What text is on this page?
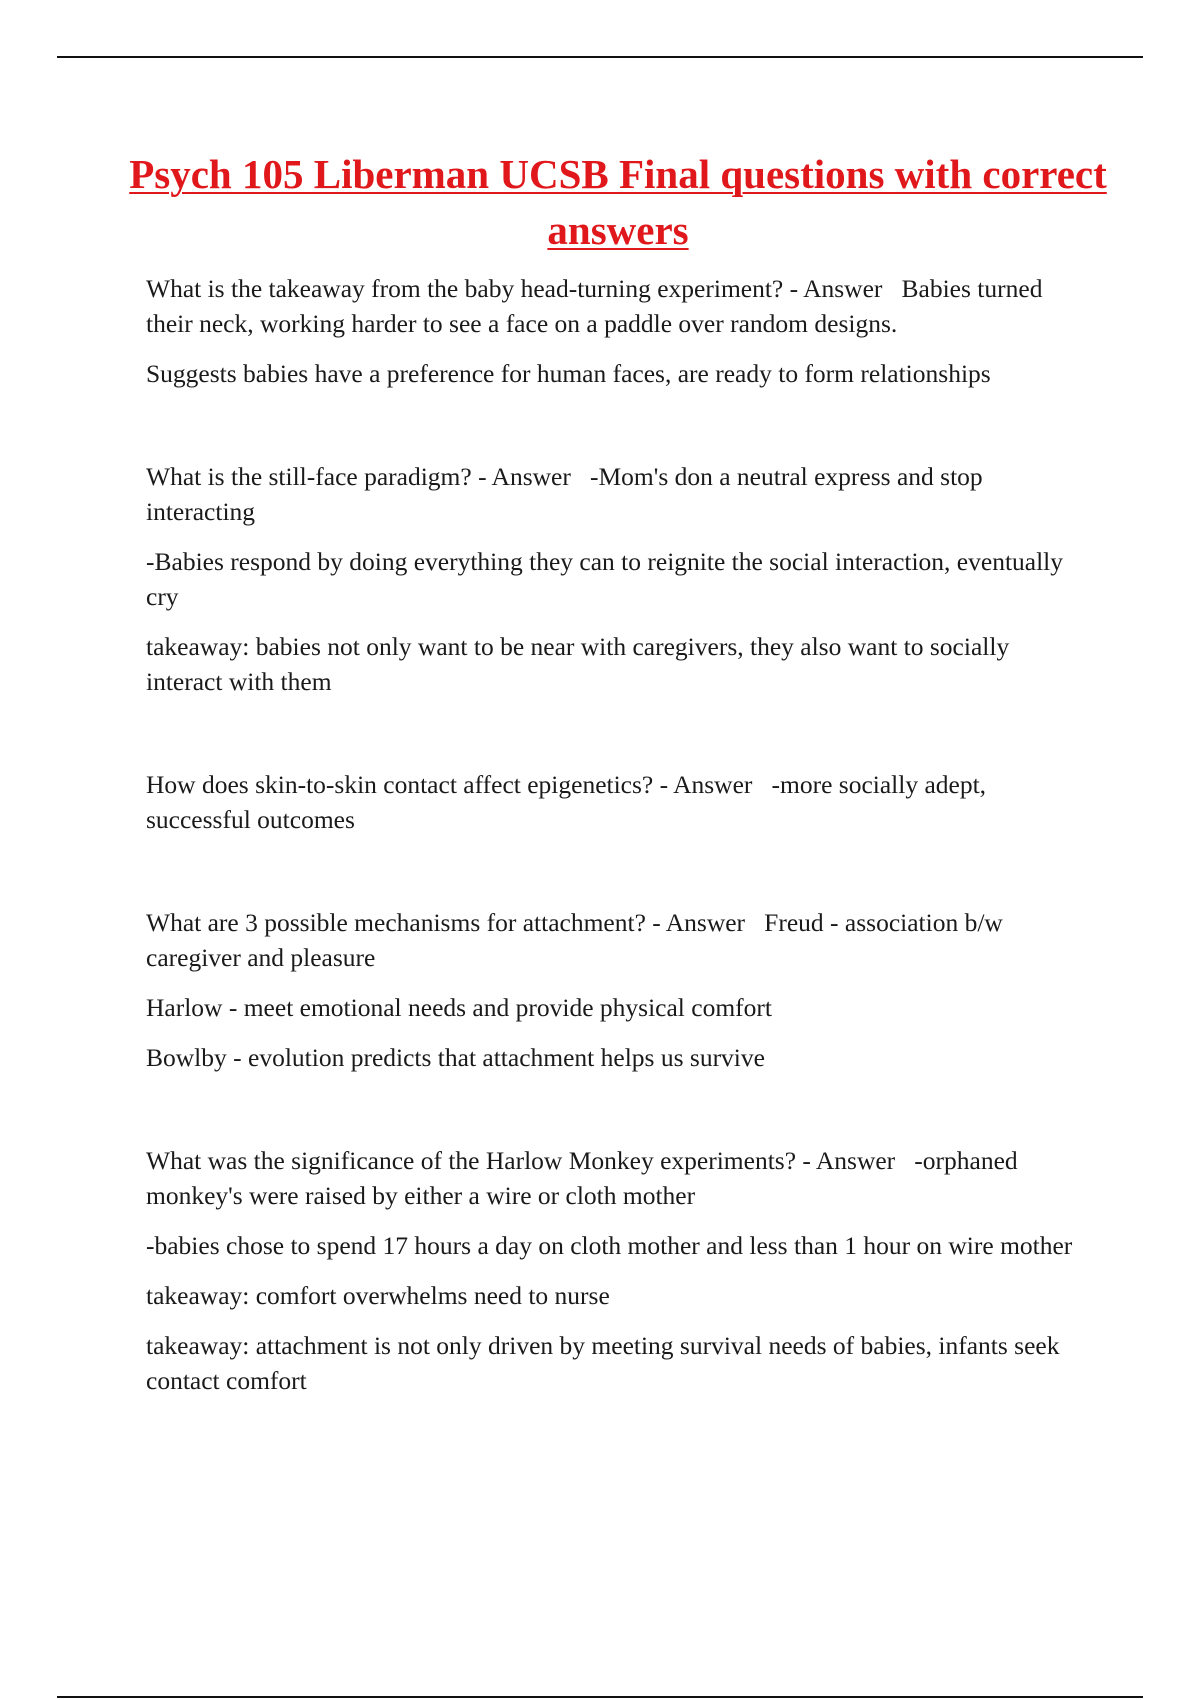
Psych 105 Liberman UCSB Final questions with correct answers

What is the takeaway from the baby head-turning experiment? - Answer   Babies turned their neck, working harder to see a face on a paddle over random designs.

Suggests babies have a preference for human faces, are ready to form relationships

What is the still-face paradigm? - Answer   -Mom's don a neutral express and stop interacting

-Babies respond by doing everything they can to reignite the social interaction, eventually cry

takeaway: babies not only want to be near with caregivers, they also want to socially interact with them

How does skin-to-skin contact affect epigenetics? - Answer   -more socially adept, successful outcomes

What are 3 possible mechanisms for attachment? - Answer   Freud - association b/w caregiver and pleasure

Harlow - meet emotional needs and provide physical comfort

Bowlby - evolution predicts that attachment helps us survive

What was the significance of the Harlow Monkey experiments? - Answer   -orphaned monkey's were raised by either a wire or cloth mother

-babies chose to spend 17 hours a day on cloth mother and less than 1 hour on wire mother

takeaway: comfort overwhelms need to nurse

takeaway: attachment is not only driven by meeting survival needs of babies, infants seek contact comfort
